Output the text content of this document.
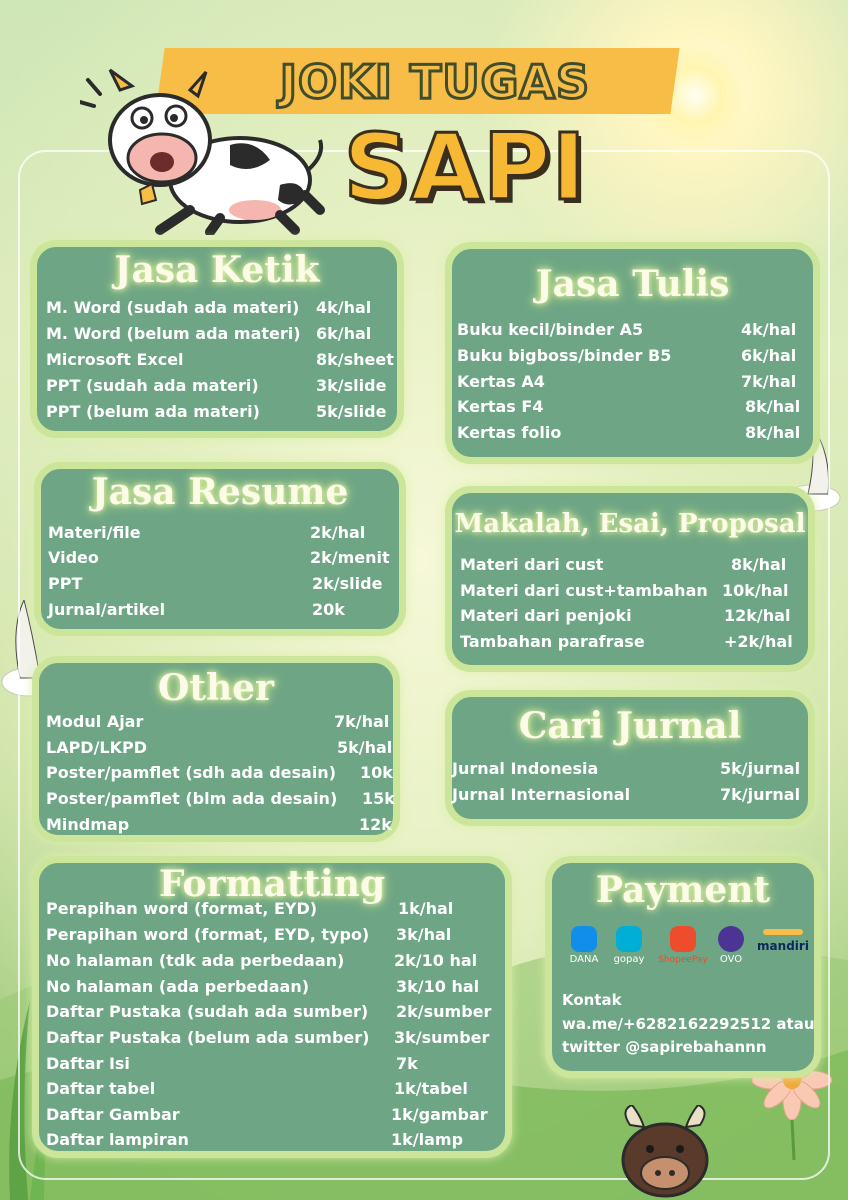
JOKI TUGAS
SAPI
Jasa Ketik
M. Word (sudah ada materi) 4k/hal
M. Word (belum ada materi) 6k/hal
Microsoft Excel	8k/sheet
PPT (sudah ada materi)	3k/slide
PPT (belum ada materi)	5k/slide
Jasa Tulis
Buku kecil/binder A5	4k/hal
Buku bigboss/binder B5	6k/hal
Kertas A4	7k/hal
Kertas F4	8k/hal
Kertas folio	8k/hal
Jasa Resume
Materi/file	2k/hal
Video	2k/menit
PPT	2k/slide
Jurnal/artikel	20k
Makalah, Esai, Proposal
Materi dari cust	8k/hal
Materi dari cust+tambahan 10k/hal
Materi dari penjoki	12k/hal
Tambahan parafrase	+2k/hal
Other
Modul Ajar	7k/hal
LAPD/LKPD	5k/hal
Poster/pamflet (sdh ada desain) 10k
Poster/pamflet (blm ada desain) 15k
Mindmap	12k
Cari Jurnal
Jurnal Indonesia	5k/jurnal
Jurnal Internasional	7k/jurnal
Formatting
Perapihan word (format, EYD)	1k/hal
Perapihan word (format, EYD, typo) 3k/hal
No halaman (tdk ada perbedaan)	2k/10 hal
No halaman (ada perbedaan)	3k/10 hal
Daftar Pustaka (sudah ada sumber) 2k/sumber
Daftar Pustaka (belum ada sumber) 3k/sumber
Daftar Isi	7k
Daftar tabel	1k/tabel
Daftar Gambar	1k/gambar
Daftar lampiran	1k/lamp
Payment
DANA	gopay	ShopeePay	OVO
mandiri
Kontak
wa.me/+6282162292512 atau
twitter @sapirebahannn
